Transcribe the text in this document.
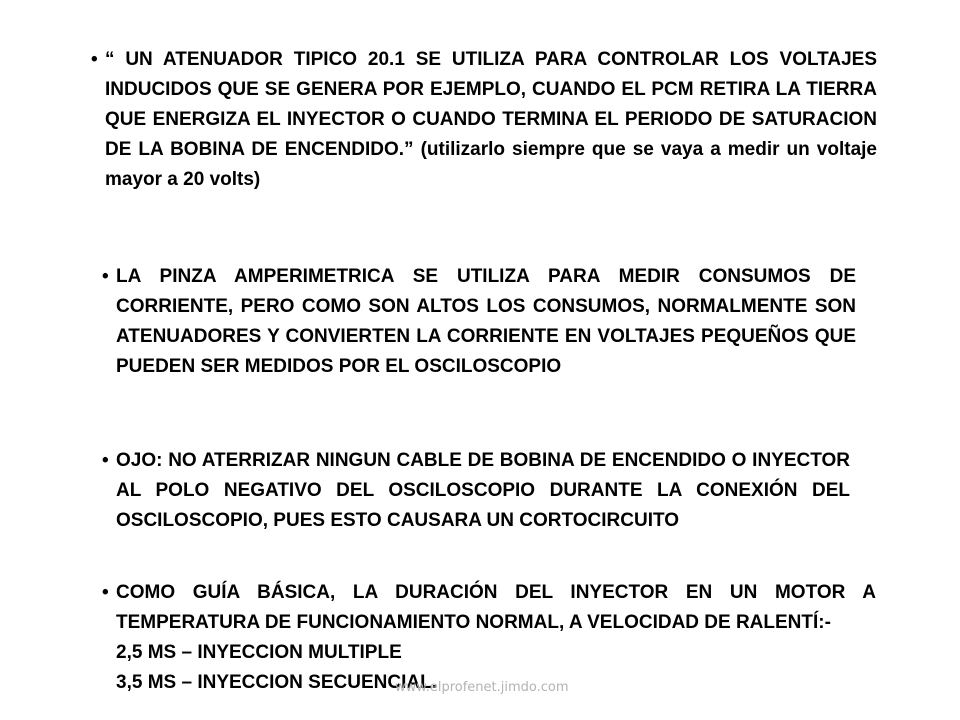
• “ UN ATENUADOR TIPICO 20.1 SE UTILIZA PARA CONTROLAR LOS VOLTAJES INDUCIDOS QUE SE GENERA POR EJEMPLO, CUANDO EL PCM RETIRA LA TIERRA QUE ENERGIZA EL INYECTOR O CUANDO TERMINA EL PERIODO DE SATURACION DE LA BOBINA DE ENCENDIDO.” (utilizarlo siempre que se vaya a medir un voltaje mayor a 20 volts)

• LA PINZA AMPERIMETRICA SE UTILIZA PARA MEDIR CONSUMOS DE CORRIENTE, PERO COMO SON ALTOS LOS CONSUMOS, NORMALMENTE SON ATENUADORES Y CONVIERTEN LA CORRIENTE EN VOLTAJES PEQUEÑOS QUE PUEDEN SER MEDIDOS POR EL OSCILOSCOPIO

• OJO: NO ATERRIZAR NINGUN CABLE DE BOBINA DE ENCENDIDO O INYECTOR AL POLO NEGATIVO DEL OSCILOSCOPIO DURANTE LA CONEXIÓN DEL OSCILOSCOPIO, PUES ESTO CAUSARA UN CORTOCIRCUITO

• COMO GUÍA BÁSICA, LA DURACIÓN DEL INYECTOR EN UN MOTOR A TEMPERATURA DE FUNCIONAMIENTO NORMAL, A VELOCIDAD DE RALENTÍ:-

2,5 MS – INYECCION MULTIPLE
3,5 MS – INYECCION SECUENCIAL.
www.elprofenet.jimdo.com
